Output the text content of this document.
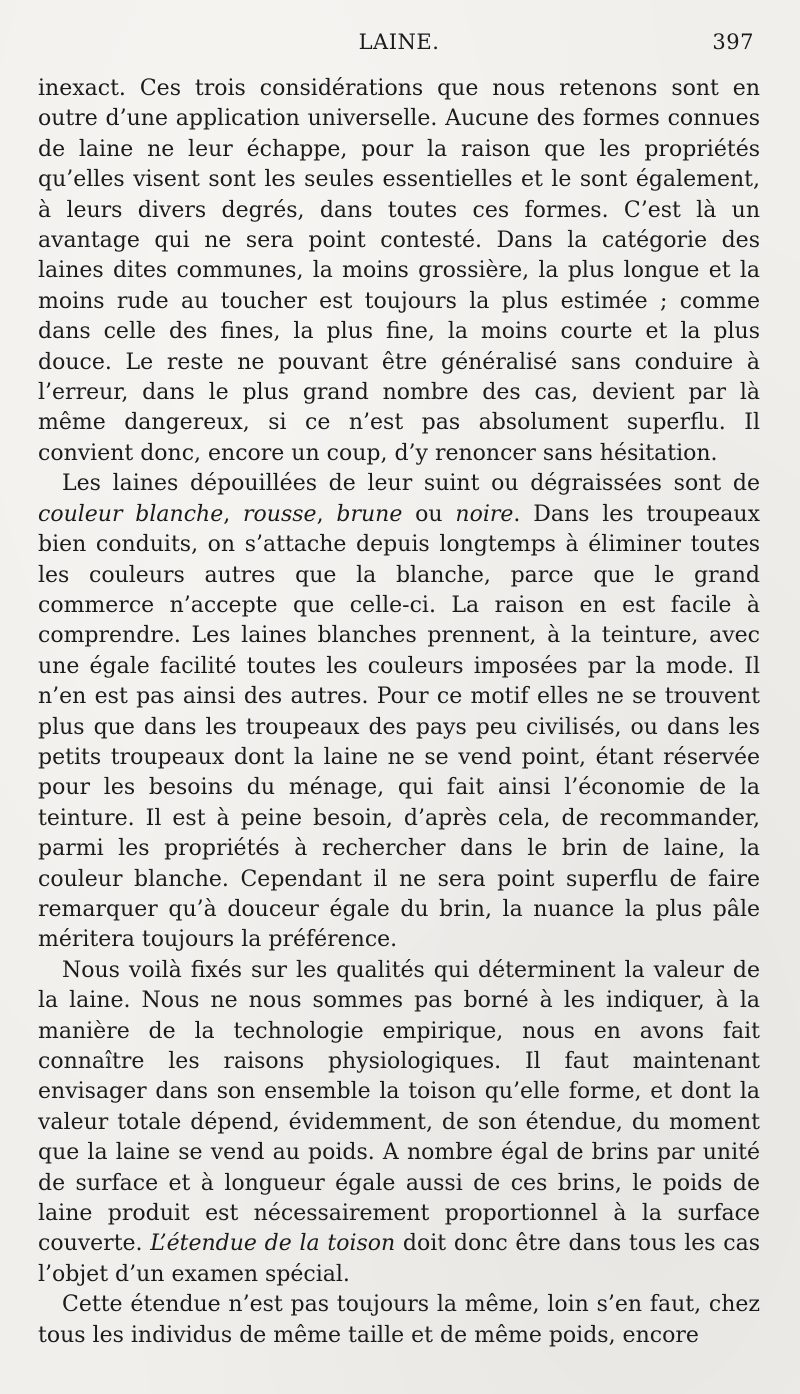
LAINE.	397

inexact. Ces trois considérations que nous retenons sont en outre d’une application universelle. Aucune des formes connues de laine ne leur échappe, pour la raison que les propriétés qu’elles visent sont les seules essentielles et le sont également, à leurs divers degrés, dans toutes ces formes. C’est là un avantage qui ne sera point contesté. Dans la catégorie des laines dites communes, la moins grossière, la plus longue et la moins rude au toucher est toujours la plus estimée ; comme dans celle des fines, la plus fine, la moins courte et la plus douce. Le reste ne pouvant être généralisé sans conduire à l’erreur, dans le plus grand nombre des cas, devient par là même dangereux, si ce n’est pas absolument superflu. Il convient donc, encore un coup, d’y renoncer sans hésitation.

Les laines dépouillées de leur suint ou dégraissées sont de couleur blanche, rousse, brune ou noire. Dans les troupeaux bien conduits, on s’attache depuis longtemps à éliminer toutes les couleurs autres que la blanche, parce que le grand commerce n’accepte que celle-ci. La raison en est facile à comprendre. Les laines blanches prennent, à la teinture, avec une égale facilité toutes les couleurs imposées par la mode. Il n’en est pas ainsi des autres. Pour ce motif elles ne se trouvent plus que dans les troupeaux des pays peu civilisés, ou dans les petits troupeaux dont la laine ne se vend point, étant réservée pour les besoins du ménage, qui fait ainsi l’économie de la teinture. Il est à peine besoin, d’après cela, de recommander, parmi les propriétés à rechercher dans le brin de laine, la couleur blanche. Cependant il ne sera point superflu de faire remarquer qu’à douceur égale du brin, la nuance la plus pâle méritera toujours la préférence.

Nous voilà fixés sur les qualités qui déterminent la valeur de la laine. Nous ne nous sommes pas borné à les indiquer, à la manière de la technologie empirique, nous en avons fait connaître les raisons physiologiques. Il faut maintenant envisager dans son ensemble la toison qu’elle forme, et dont la valeur totale dépend, évidemment, de son étendue, du moment que la laine se vend au poids. A nombre égal de brins par unité de surface et à longueur égale aussi de ces brins, le poids de laine produit est nécessairement proportionnel à la surface couverte. L’étendue de la toison doit donc être dans tous les cas l’objet d’un examen spécial.

Cette étendue n’est pas toujours la même, loin s’en faut, chez tous les individus de même taille et de même poids, encore
